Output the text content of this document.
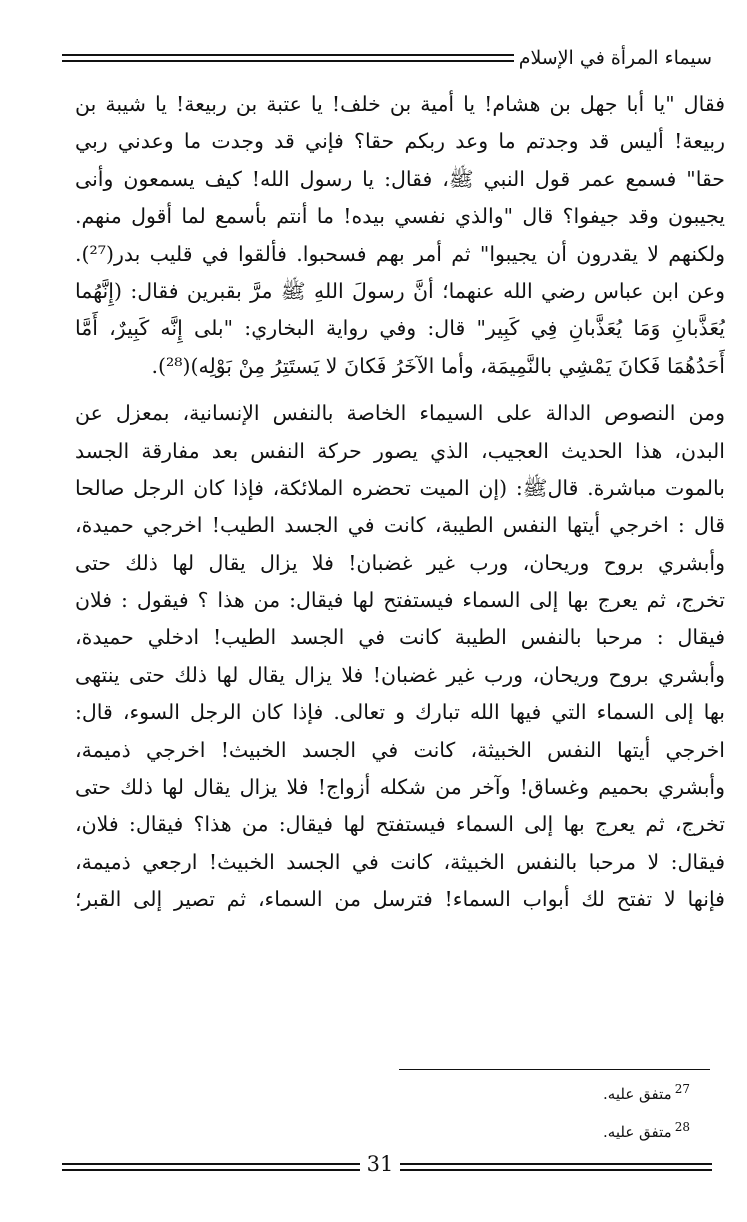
سيماء المرأة في الإسلام
فقال "يا أبا جهل بن هشام! يا أمية بن خلف! يا عتبة بن ربيعة! يا شيبة بن
ربيعة! أليس قد وجدتم ما وعد ربكم حقا؟ فإني قد وجدت ما وعدني ربي
حقا" فسمع عمر قول النبي ﷺ، فقال: يا رسول الله! كيف يسمعون وأنى
يجيبون وقد جيفوا؟ قال "والذي نفسي بيده! ما أنتم بأسمع لما أقول منهم.
ولكنهم لا يقدرون أن يجيبوا" ثم أمر بهم فسحبوا. فألقوا في قليب بدر(²⁷).
وعن ابن عباس رضي الله عنهما؛ أنَّ رسولَ اللهِ ﷺ مرَّ بقبرين فقال: (إِنَّهُما
يُعَذَّبانِ وَمَا يُعَذَّبانِ فِي كَبِير" قال: وفي رواية البخاري: "بلى إِنَّه كَبِيرٌ، أَمَّا
أَحَدُهُمَا فَكانَ يَمْشِي بالنَّمِيمَة، وأما الآخَرُ فَكانَ لا يَستَتِرُ مِنْ بَوْلِه)(²⁸).
ومن النصوص الدالة على السيماء الخاصة بالنفس الإنسانية، بمعزل عن
البدن، هذا الحديث العجيب، الذي يصور حركة النفس بعد مفارقة الجسد
بالموت مباشرة. قالﷺ: (إن الميت تحضره الملائكة، فإذا كان الرجل صالحا
قال : اخرجي أيتها النفس الطيبة، كانت في الجسد الطيب! اخرجي حميدة،
وأبشري بروح وريحان، ورب غير غضبان! فلا يزال يقال لها ذلك حتى
تخرج، ثم يعرج بها إلى السماء فيستفتح لها فيقال: من هذا ؟ فيقول : فلان
فيقال : مرحبا بالنفس الطيبة كانت في الجسد الطيب! ادخلي حميدة،
وأبشري بروح وريحان، ورب غير غضبان! فلا يزال يقال لها ذلك حتى ينتهى
بها إلى السماء التي فيها الله تبارك و تعالى. فإذا كان الرجل السوء، قال:
اخرجي أيتها النفس الخبيثة، كانت في الجسد الخبيث! اخرجي ذميمة،
وأبشري بحميم وغساق! وآخر من شكله أزواج! فلا يزال يقال لها ذلك حتى
تخرج، ثم يعرج بها إلى السماء فيستفتح لها فيقال: من هذا؟ فيقال: فلان،
فيقال: لا مرحبا بالنفس الخبيثة، كانت في الجسد الخبيث! ارجعي ذميمة،
فإنها لا تفتح لك أبواب السماء! فترسل من السماء، ثم تصير إلى القبر؛
$^{27}$متفق عليه.
$^{28}$متفق عليه.
31
